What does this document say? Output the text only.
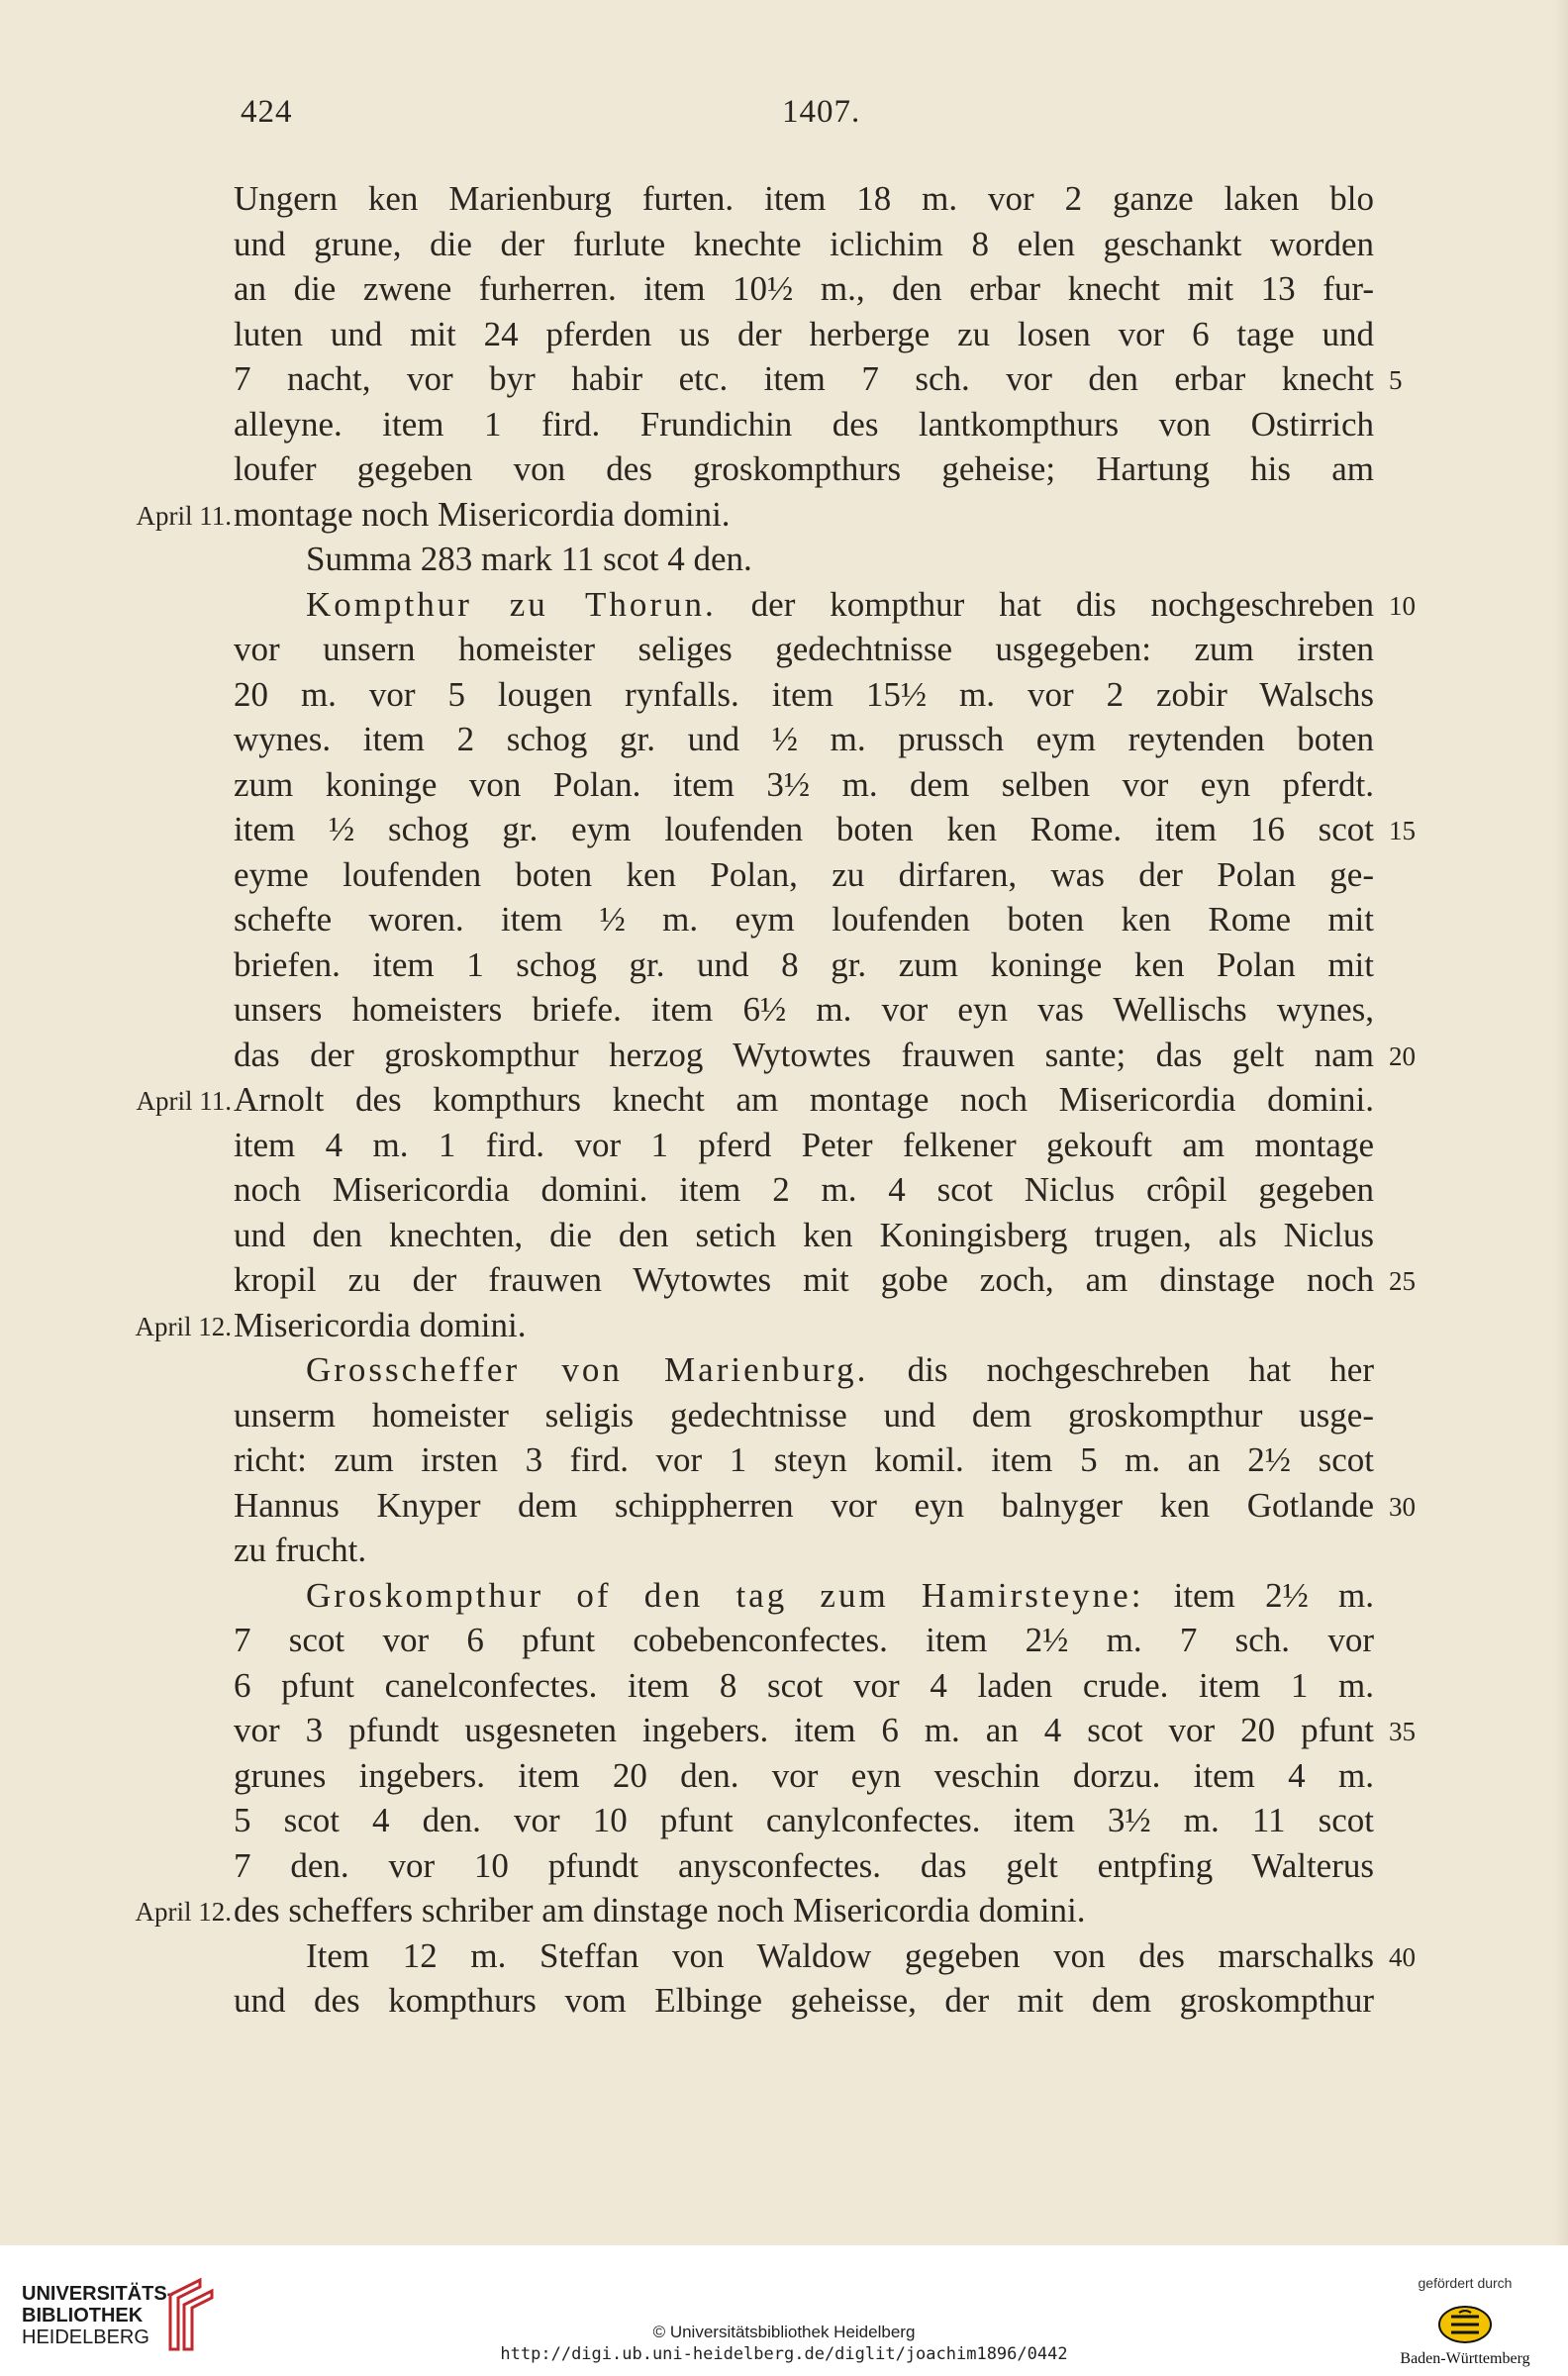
424	1407.
Ungern ken Marienburg furten. item 18 m. vor 2 ganze laken blo
und grune, die der furlute knechte iclichim 8 elen geschankt worden
an die zwene furherren. item 10½ m., den erbar knecht mit 13 fur-
luten und mit 24 pferden us der herberge zu losen vor 6 tage und
7 nacht, vor byr habir etc. item 7 sch. vor den erbar knecht 5
alleyne. item 1 fird. Frundichin des lantkompthurs von Ostirrich
loufer gegeben von des groskompthurs geheise; Hartung his am
montage noch Misericordia domini.
April 11.
Summa 283 mark 11 scot 4 den.
Kompthur zu Thorun. der kompthur hat dis nochgeschreben 10
vor unsern homeister seliges gedechtnisse usgegeben: zum irsten
20 m. vor 5 lougen rynfalls. item 15½ m. vor 2 zobir Walschs
wynes. item 2 schog gr. und ½ m. prussch eym reytenden boten
zum koninge von Polan. item 3½ m. dem selben vor eyn pferdt.
item ½ schog gr. eym loufenden boten ken Rome. item 16 scot 15
eyme loufenden boten ken Polan, zu dirfaren, was der Polan ge-
schefte woren. item ½ m. eym loufenden boten ken Rome mit
briefen. item 1 schog gr. und 8 gr. zum koninge ken Polan mit
unsers homeisters briefe. item 6½ m. vor eyn vas Wellischs wynes,
das der groskompthur herzog Wytowtes frauwen sante; das gelt nam 20
Arnolt des kompthurs knecht am montage noch Misericordia domini.
April 11.
item 4 m. 1 fird. vor 1 pferd Peter felkener gekouft am montage
noch Misericordia domini. item 2 m. 4 scot Niclus crôpil gegeben
und den knechten, die den setich ken Koningisberg trugen, als Niclus
kropil zu der frauwen Wytowtes mit gobe zoch, am dinstage noch 25
Misericordia domini.
April 12.
Grosscheffer von Marienburg. dis nochgeschreben hat her
unserm homeister seligis gedechtnisse und dem groskompthur usge-
richt: zum irsten 3 fird. vor 1 steyn komil. item 5 m. an 2½ scot
Hannus Knyper dem schippherren vor eyn balnyger ken Gotlande 30
zu frucht.
Groskompthur of den tag zum Hamirsteyne: item 2½ m.
7 scot vor 6 pfunt cobebenconfectes. item 2½ m. 7 sch. vor
6 pfunt canelconfectes. item 8 scot vor 4 laden crude. item 1 m.
vor 3 pfundt usgesneten ingebers. item 6 m. an 4 scot vor 20 pfunt 35
grunes ingebers. item 20 den. vor eyn veschin dorzu. item 4 m.
5 scot 4 den. vor 10 pfunt canylconfectes. item 3½ m. 11 scot
7 den. vor 10 pfundt anysconfectes. das gelt entpfing Walterus
des scheffers schriber am dinstage noch Misericordia domini.
April 12.
Item 12 m. Steffan von Waldow gegeben von des marschalks 40
und des kompthurs vom Elbinge geheisse, der mit dem groskompthur
UNIVERSITÄTS-
BIBLIOTHEK
HEIDELBERG	© Universitätsbibliothek Heidelberg
http://digi.ub.uni-heidelberg.de/diglit/joachim1896/0442
gefördert durch
Baden-Württemberg
